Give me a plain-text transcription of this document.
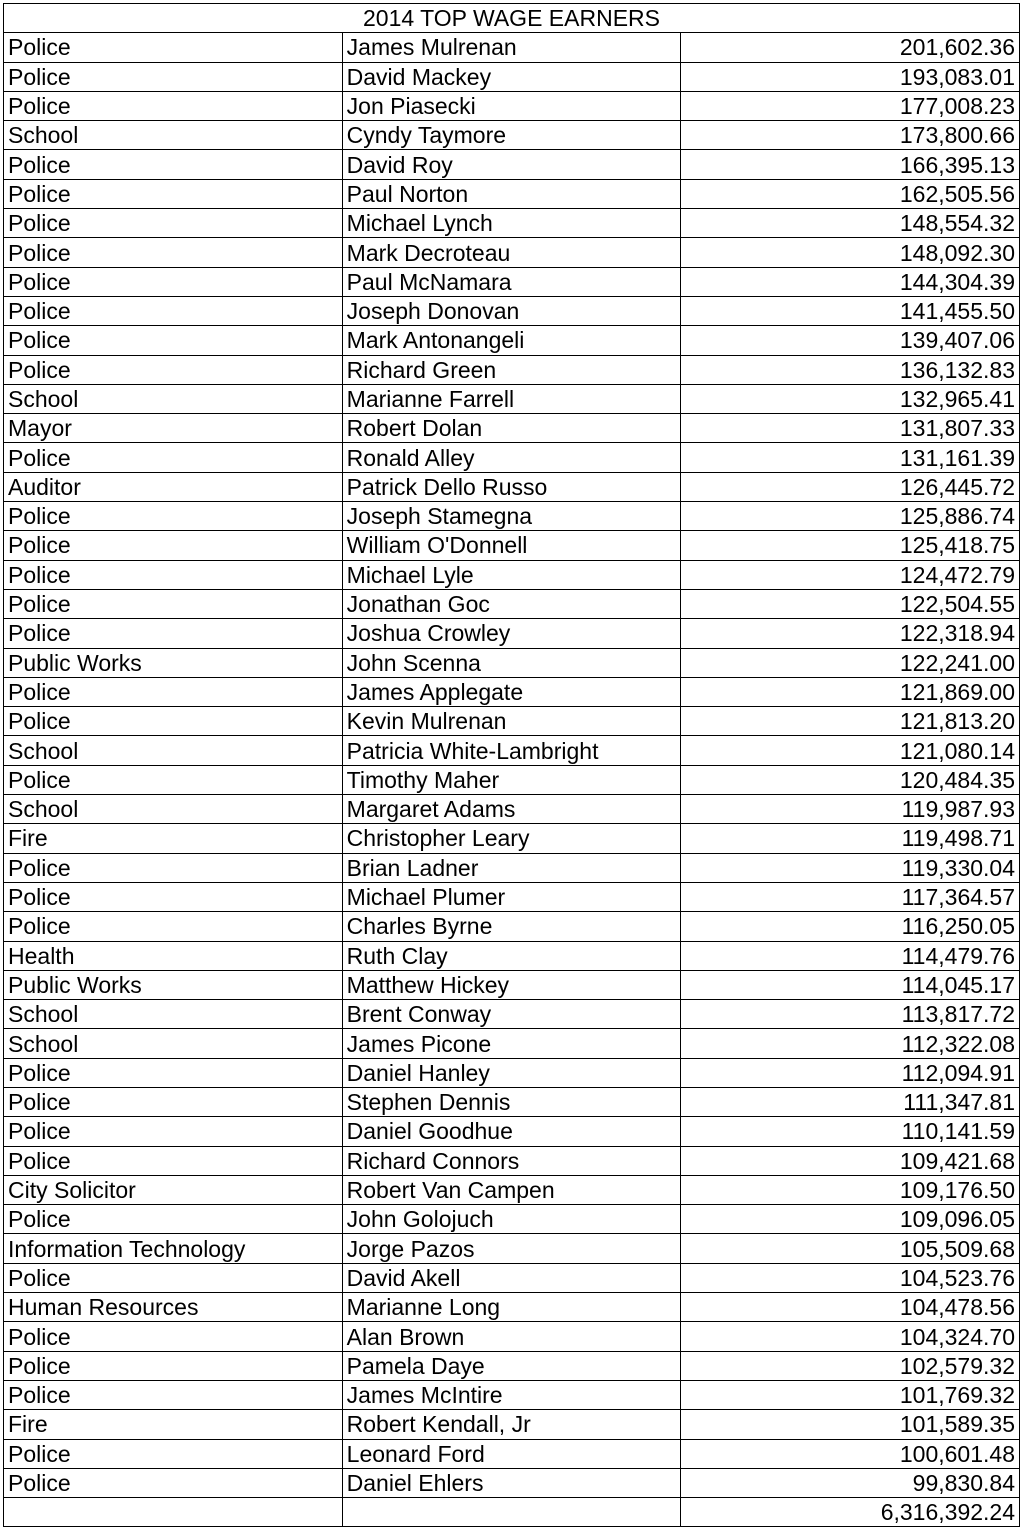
2014 TOP WAGE EARNERS		
Police	James Mulrenan	201,602.36
Police	David Mackey	193,083.01
Police	Jon Piasecki	177,008.23
School	Cyndy Taymore	173,800.66
Police	David Roy	166,395.13
Police	Paul Norton	162,505.56
Police	Michael Lynch	148,554.32
Police	Mark Decroteau	148,092.30
Police	Paul McNamara	144,304.39
Police	Joseph Donovan	141,455.50
Police	Mark Antonangeli	139,407.06
Police	Richard Green	136,132.83
School	Marianne Farrell	132,965.41
Mayor	Robert Dolan	131,807.33
Police	Ronald Alley	131,161.39
Auditor	Patrick Dello Russo	126,445.72
Police	Joseph Stamegna	125,886.74
Police	William O'Donnell	125,418.75
Police	Michael Lyle	124,472.79
Police	Jonathan Goc	122,504.55
Police	Joshua Crowley	122,318.94
Public Works	John Scenna	122,241.00
Police	James Applegate	121,869.00
Police	Kevin Mulrenan	121,813.20
School	Patricia White-Lambright	121,080.14
Police	Timothy Maher	120,484.35
School	Margaret Adams	119,987.93
Fire	Christopher Leary	119,498.71
Police	Brian Ladner	119,330.04
Police	Michael Plumer	117,364.57
Police	Charles Byrne	116,250.05
Health	Ruth Clay	114,479.76
Public Works	Matthew Hickey	114,045.17
School	Brent Conway	113,817.72
School	James Picone	112,322.08
Police	Daniel Hanley	112,094.91
Police	Stephen Dennis	111,347.81
Police	Daniel Goodhue	110,141.59
Police	Richard Connors	109,421.68
City Solicitor	Robert Van Campen	109,176.50
Police	John Golojuch	109,096.05
Information Technology	Jorge Pazos	105,509.68
Police	David Akell	104,523.76
Human Resources	Marianne Long	104,478.56
Police	Alan Brown	104,324.70
Police	Pamela Daye	102,579.32
Police	James McIntire	101,769.32
Fire	Robert Kendall, Jr	101,589.35
Police	Leonard Ford	100,601.48
Police	Daniel Ehlers	99,830.84
		6,316,392.24
